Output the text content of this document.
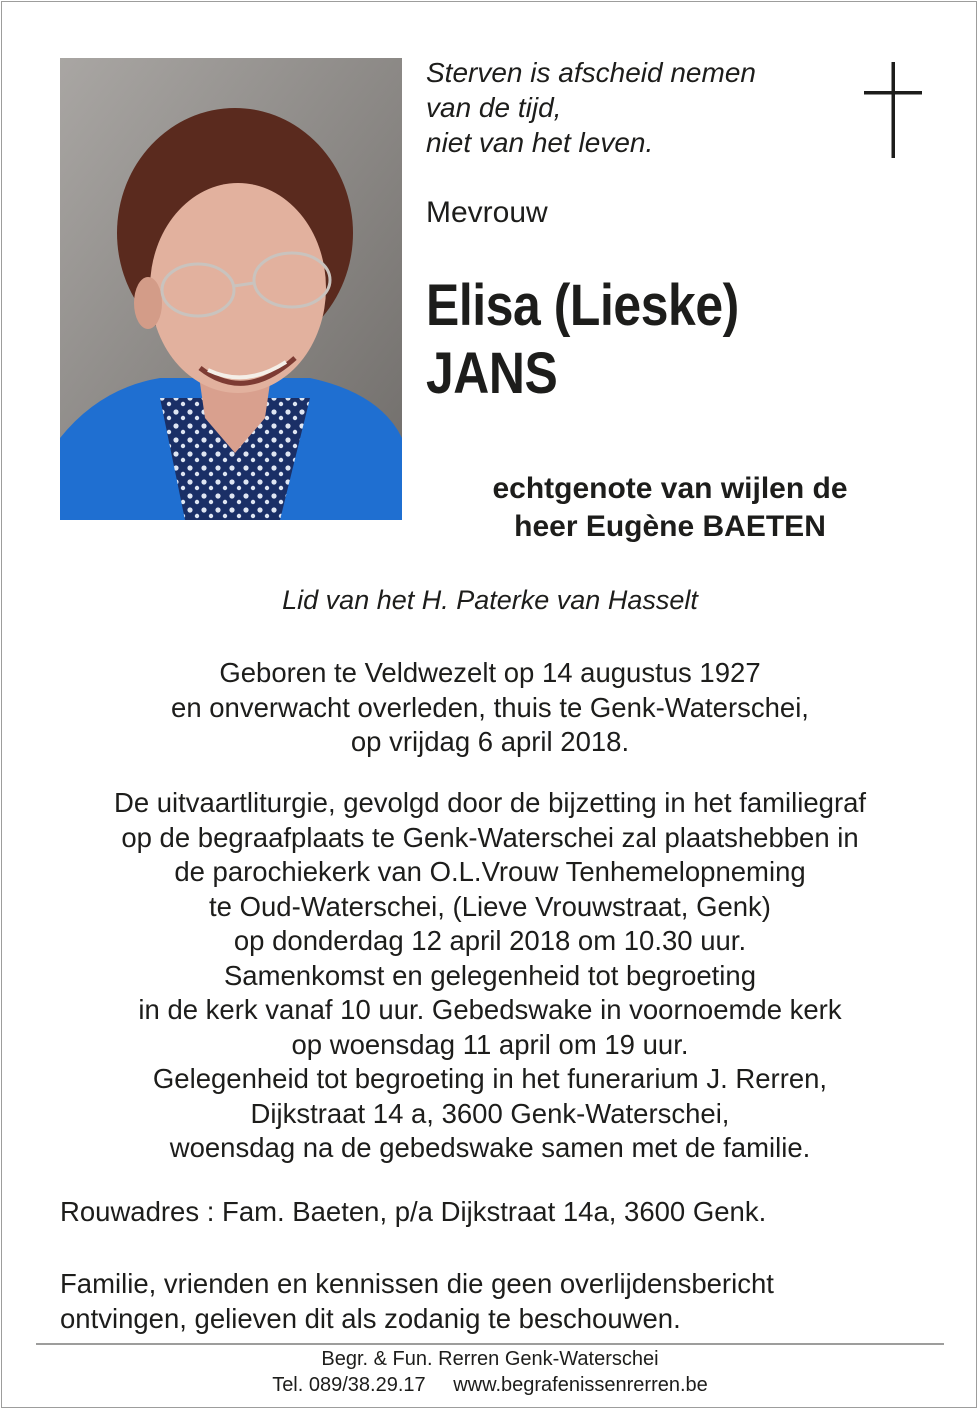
Sterven is afscheid nemen
van de tijd,
niet van het leven.
Mevrouw
Elisa (Lieske)
JANS
echtgenote van wijlen de
heer Eugène BAETEN
Lid van het H. Paterke van Hasselt
Geboren te Veldwezelt op 14 augustus 1927
en onverwacht overleden, thuis te Genk-Waterschei,
op vrijdag 6 april 2018.
De uitvaartliturgie, gevolgd door de bijzetting in het familiegraf
op de begraafplaats te Genk-Waterschei zal plaatshebben in
de parochiekerk van O.L.Vrouw Tenhemelopneming
te Oud-Waterschei, (Lieve Vrouwstraat, Genk)
op donderdag 12 april 2018 om 10.30 uur.
Samenkomst en gelegenheid tot begroeting
in de kerk vanaf 10 uur. Gebedswake in voornoemde kerk
op woensdag 11 april om 19 uur.
Gelegenheid tot begroeting in het funerarium J. Rerren,
Dijkstraat 14 a, 3600 Genk-Waterschei,
woensdag na de gebedswake samen met de familie.
Rouwadres : Fam. Baeten, p/a Dijkstraat 14a, 3600 Genk.
Familie, vrienden en kennissen die geen overlijdensbericht
ontvingen, gelieven dit als zodanig te beschouwen.
Begr. & Fun. Rerren Genk-Waterschei
Tel. 089/38.29.17 www.begrafenissenrerren.be
